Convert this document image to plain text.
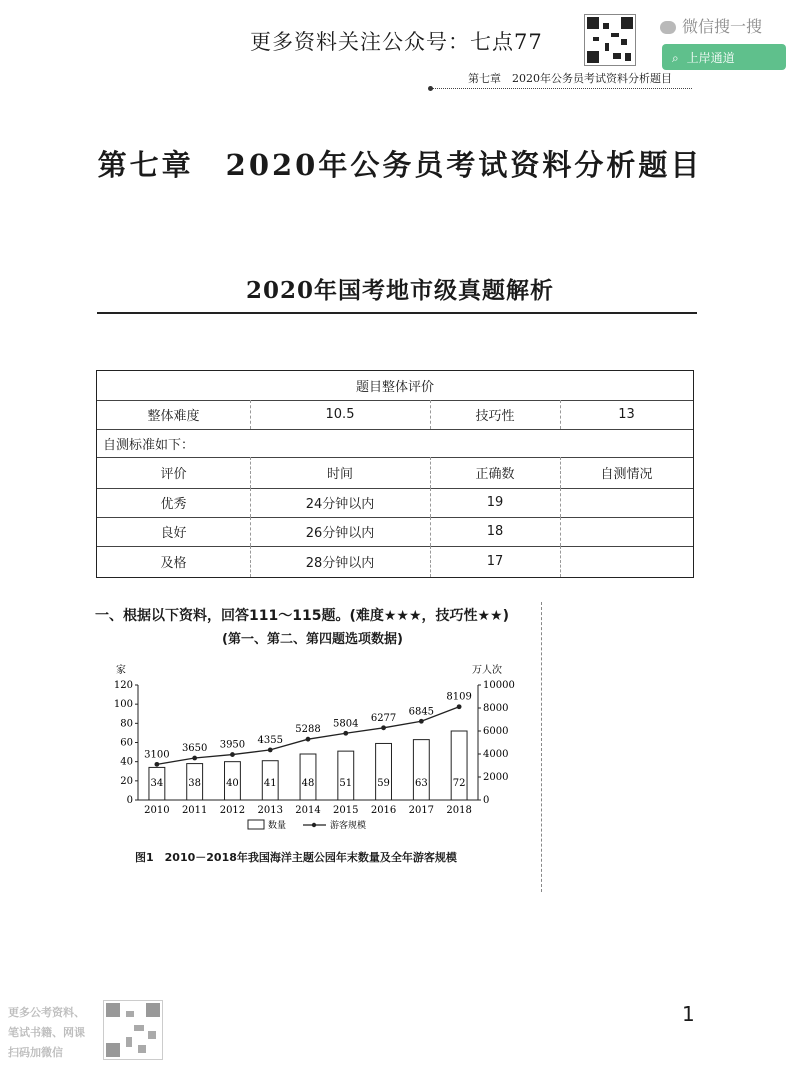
更多资料关注公众号：七点77
微信搜一搜
⌕ 上岸通道
第七章　2020年公务员考试资料分析题目
第七章　2020年公务员考试资料分析题目
2020年国考地市级真题解析
题目整体评价
整体难度	10.5	技巧性	13
自测标准如下：
评价	时间	正确数	自测情况
优秀	24分钟以内	19
良好	26分钟以内	18
及格	28分钟以内	17
一、根据以下资料，回答111～115题。(难度★★★，技巧性★★)
(第一、第二、第四题选项数据)
0
20
40
60
80
100
120
0
2000
4000
6000
8000
10000
家	万人次
34
2010
38
2011
40
2012
41
2013
48
2014
51
2015
59
2016
63
2017
72
2018
3100
3650 3950 4355
5288
5804 6277
6845
8109
数量	游客规模
图1　2010－2018年我国海洋主题公园年末数量及全年游客规模
更多公考资料、
笔试书籍、网课
扫码加微信
1
